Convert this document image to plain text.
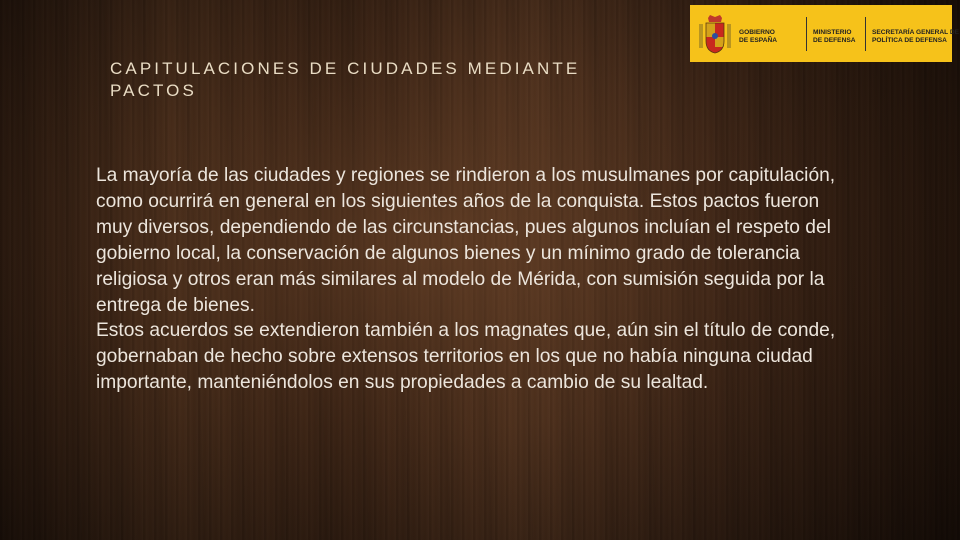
GOBIERNO
DE ESPAÑA
MINISTERIO
DE DEFENSA
SECRETARÍA GENERAL DE
POLÍTICA DE DEFENSA
CAPITULACIONES DE CIUDADES MEDIANTE
PACTOS

La mayoría de las ciudades y regiones se rindieron a los musulmanes por capitulación, como ocurrirá en general en los siguientes años de la conquista. Estos pactos fueron muy diversos, dependiendo de las circunstancias, pues algunos incluían el respeto del gobierno local, la conservación de algunos bienes y un mínimo grado de tolerancia religiosa y otros eran más similares al modelo de Mérida, con sumisión seguida por la entrega de bienes.

Estos acuerdos se extendieron también a los magnates que, aún sin el título de conde, gobernaban de hecho sobre extensos territorios en los que no había ninguna ciudad importante, manteniéndolos en sus propiedades a cambio de su lealtad.
